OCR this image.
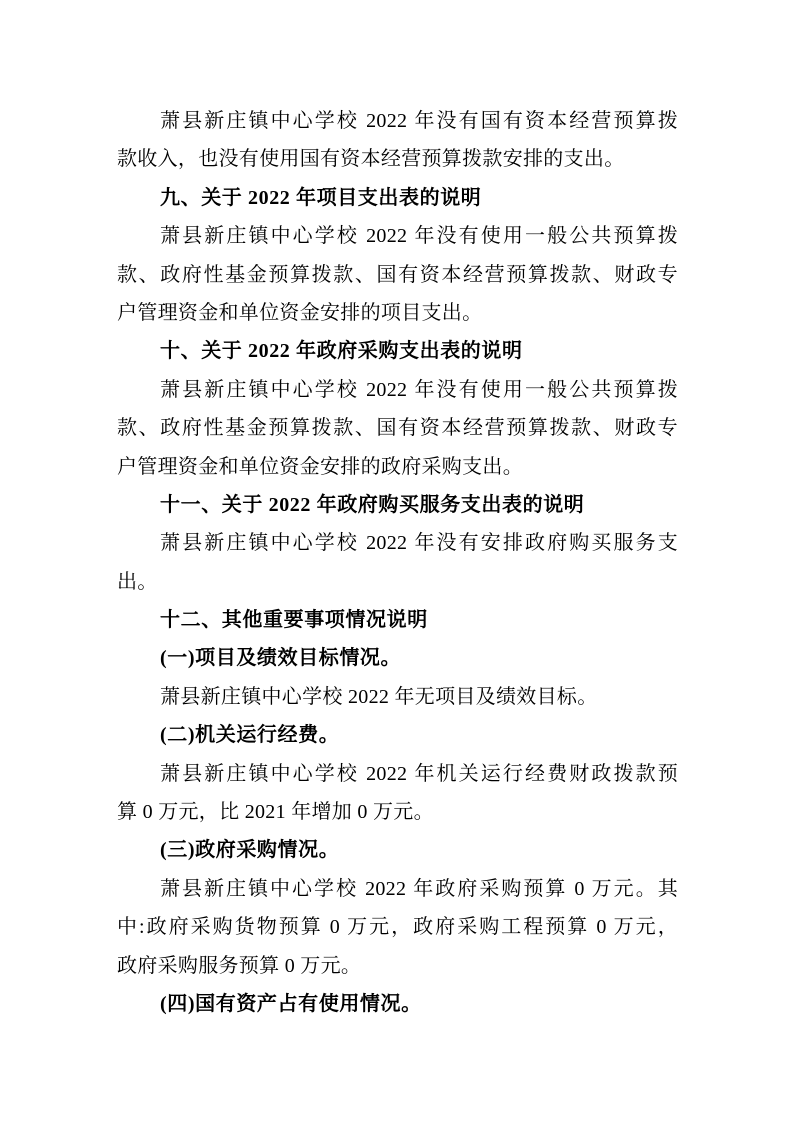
萧县新庄镇中心学校 2022 年没有国有资本经营预算拨
款收入，也没有使用国有资本经营预算拨款安排的支出。
九、关于 2022 年项目支出表的说明
萧县新庄镇中心学校 2022 年没有使用一般公共预算拨
款、政府性基金预算拨款、国有资本经营预算拨款、财政专
户管理资金和单位资金安排的项目支出。
十、关于 2022 年政府采购支出表的说明
萧县新庄镇中心学校 2022 年没有使用一般公共预算拨
款、政府性基金预算拨款、国有资本经营预算拨款、财政专
户管理资金和单位资金安排的政府采购支出。
十一、关于 2022 年政府购买服务支出表的说明
萧县新庄镇中心学校 2022 年没有安排政府购买服务支
出。
十二、其他重要事项情况说明
(一)项目及绩效目标情况。
萧县新庄镇中心学校 2022 年无项目及绩效目标。
(二)机关运行经费。
萧县新庄镇中心学校 2022 年机关运行经费财政拨款预
算 0 万元，比 2021 年增加 0 万元。
(三)政府采购情况。
萧县新庄镇中心学校 2022 年政府采购预算 0 万元。其
中:政府采购货物预算 0 万元，政府采购工程预算 0 万元，
政府采购服务预算 0 万元。
(四)国有资产占有使用情况。
